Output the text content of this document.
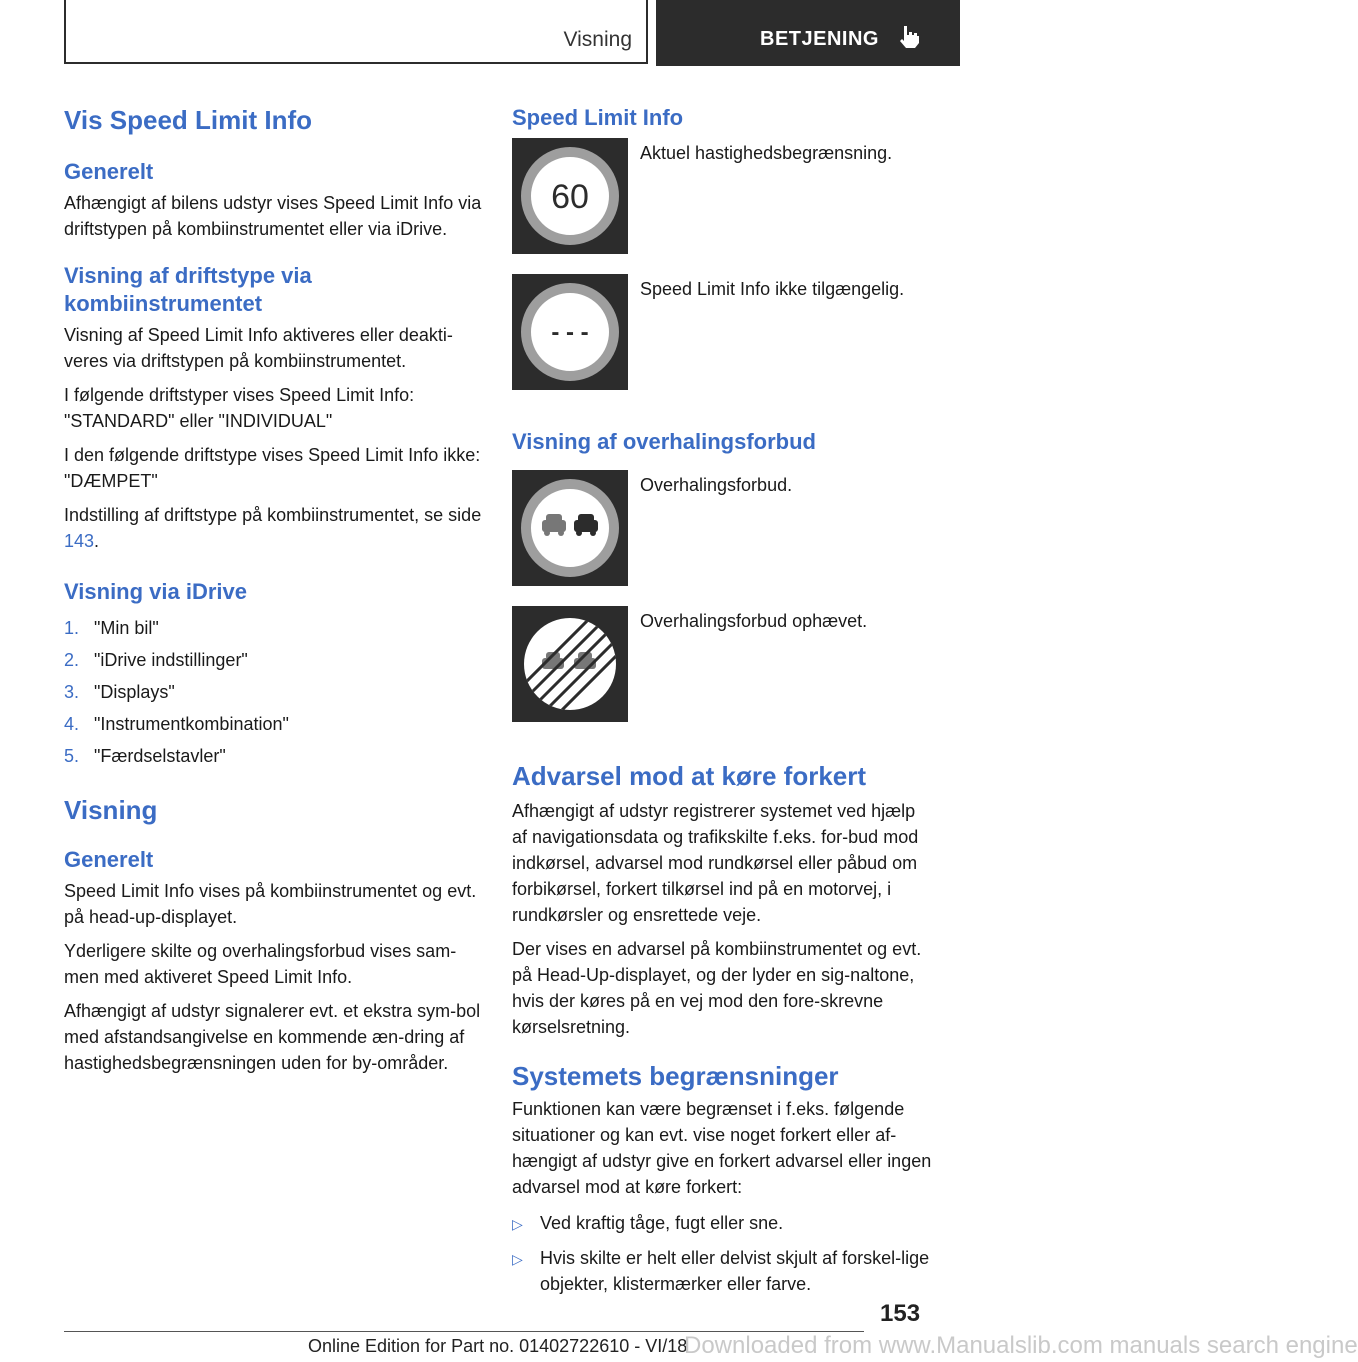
Visning	BETJENING
Vis Speed Limit Info
Generelt

Afhængigt af bilens udstyr vises Speed Limit Info via driftstypen på kombiinstrumentet eller via iDrive.

Visning af driftstype via kombiinstrumentet

Visning af Speed Limit Info aktiveres eller deakti‐veres via driftstypen på kombiinstrumentet.

I følgende driftstyper vises Speed Limit Info: "STANDARD" eller "INDIVIDUAL"

I den følgende driftstype vises Speed Limit Info ikke: "DÆMPET"

Indstilling af driftstype på kombiinstrumentet, se side 143.

Visning via iDrive
1. "Min bil"
2. "iDrive indstillinger"
3. "Displays"
4. "Instrumentkombination"
5. "Færdselstavler"
Visning
Generelt

Speed Limit Info vises på kombiinstrumentet og evt. på head-up-displayet.

Yderligere skilte og overhalingsforbud vises sam‐men med aktiveret Speed Limit Info.

Afhængigt af udstyr signalerer evt. et ekstra sym‐bol med afstandsangivelse en kommende æn‐dring af hastighedsbegrænsningen uden for by‐områder.

Speed Limit Info
60
Aktuel hastighedsbegrænsning.
- - -
Speed Limit Info ikke tilgængelig.
Visning af overhalingsforbud
Overhalingsforbud.
Overhalingsforbud ophævet.
Advarsel mod at køre forkert

Afhængigt af udstyr registrerer systemet ved hjælp af navigationsdata og trafikskilte f.eks. for‐bud mod indkørsel, advarsel mod rundkørsel eller påbud om forbikørsel, forkert tilkørsel ind på en motorvej, i rundkørsler og ensrettede veje.

Der vises en advarsel på kombiinstrumentet og evt. på Head-Up-displayet, og der lyder en sig‐naltone, hvis der køres på en vej mod den fore‐skrevne kørselsretning.

Systemets begrænsninger

Funktionen kan være begrænset i f.eks. følgende situationer og kan evt. vise noget forkert eller af‐hængigt af udstyr give en forkert advarsel eller ingen advarsel mod at køre forkert:

▷ Ved kraftig tåge, fugt eller sne.
▷ Hvis skilte er helt eller delvist skjult af forskel‐lige objekter, klistermærker eller farve.
153
Online Edition for Part no. 01402722610 - VI/18
Downloaded from www.Manualslib.com manuals search engine
